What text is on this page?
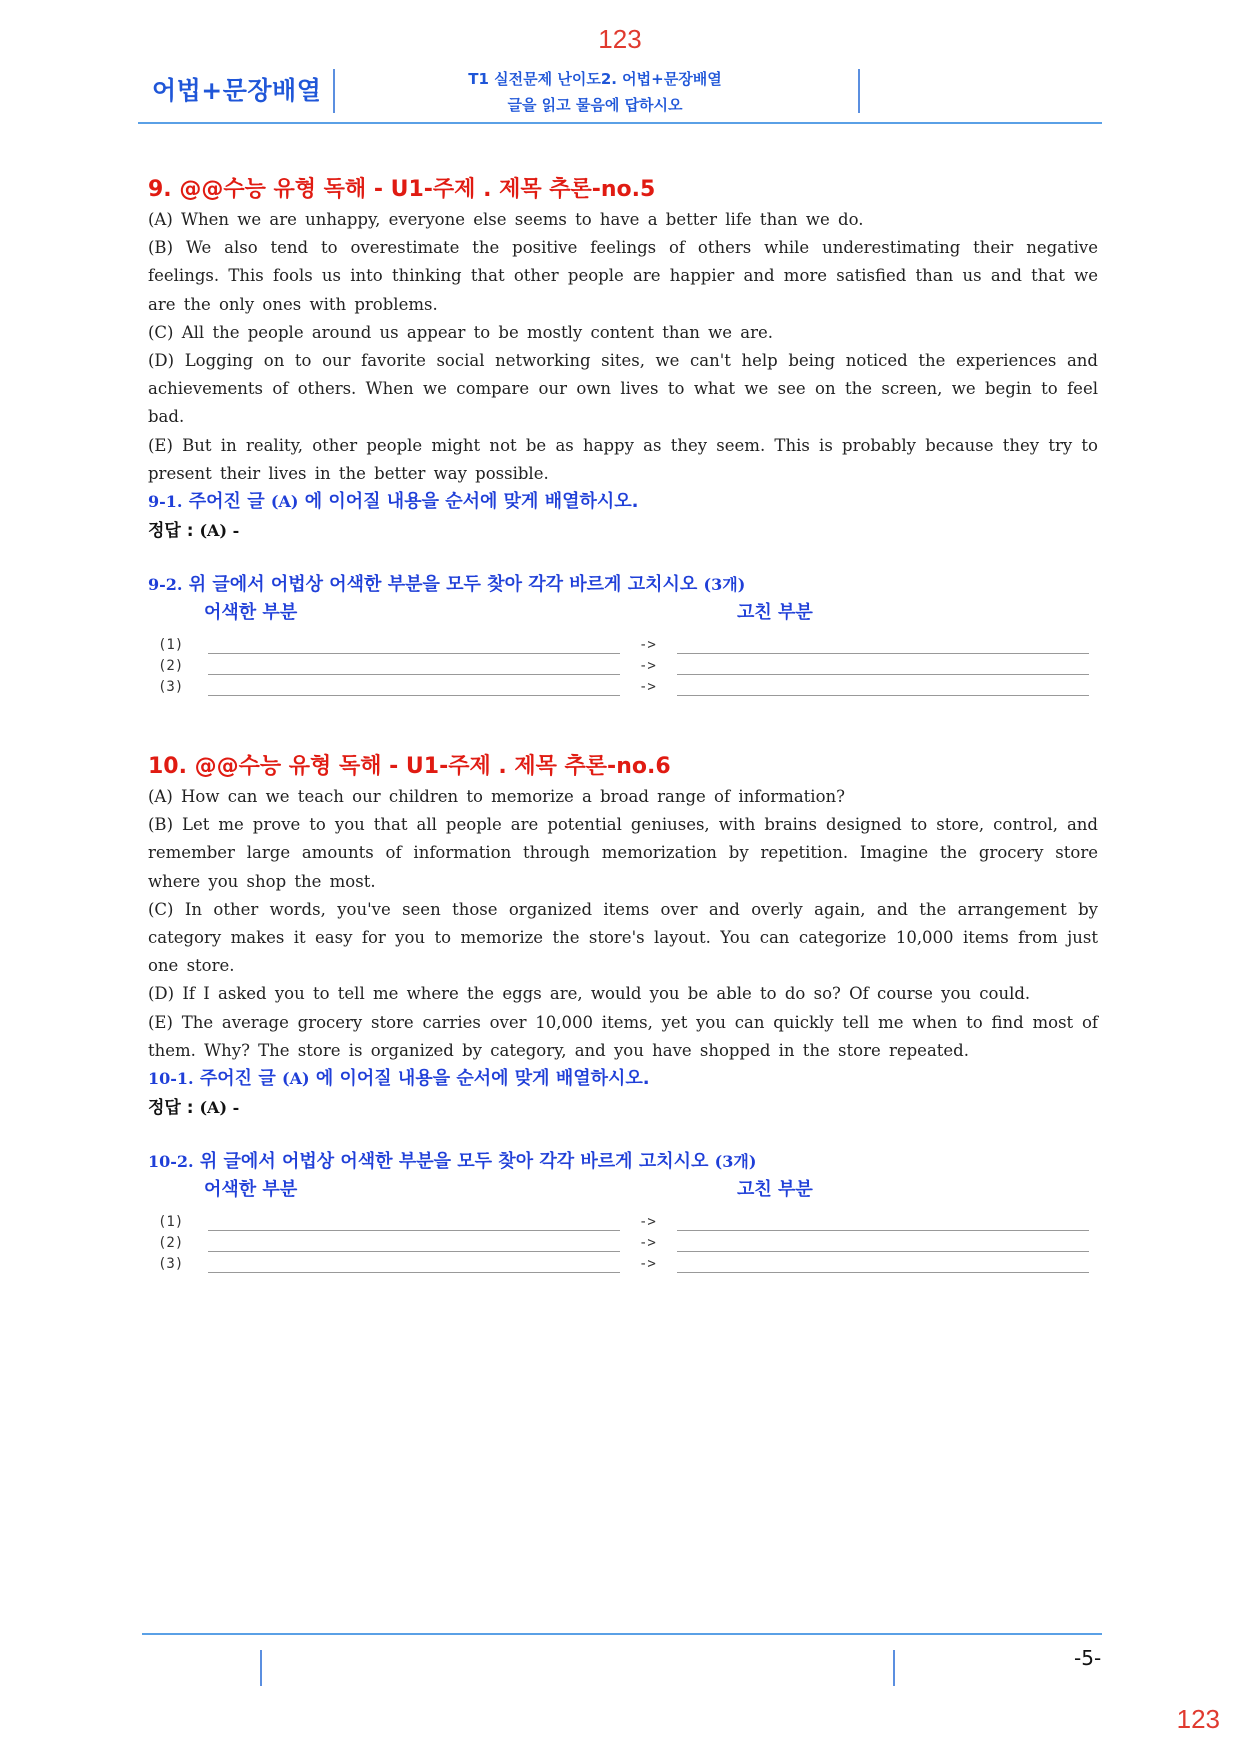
123
어법+문장배열	T1 실전문제 난이도2. 어법+문장배열
글을 읽고 물음에 답하시오
9. @@수능 유형 독해 - U1-주제 . 제목 추론-no.5

(A) When we are unhappy, everyone else seems to have a better life than we do.

(B) We also tend to overestimate the positive feelings of others while underestimating their negative feelings. This fools us into thinking that other people are happier and more satisfied than us and that we are the only ones with problems.

(C) All the people around us appear to be mostly content than we are.

(D) Logging on to our favorite social networking sites, we can't help being noticed the experiences and achievements of others. When we compare our own lives to what we see on the screen, we begin to feel bad.

(E) But in reality, other people might not be as happy as they seem. This is probably because they try to present their lives in the better way possible.

9-1. 주어진 글 (A) 에 이어질 내용을 순서에 맞게 배열하시오.
정답 : (A) -
9-2. 위 글에서 어법상 어색한 부분을 모두 찾아 각각 바르게 고치시오 (3개)
어색한 부분	고친 부분
(1)	->
(2)	->
(3)	->
10. @@수능 유형 독해 - U1-주제 . 제목 추론-no.6

(A) How can we teach our children to memorize a broad range of information?

(B) Let me prove to you that all people are potential geniuses, with brains designed to store, control, and remember large amounts of information through memorization by repetition. Imagine the grocery store where you shop the most.

(C) In other words, you've seen those organized items over and overly again, and the arrangement by category makes it easy for you to memorize the store's layout. You can categorize 10,000 items from just one store.

(D) If I asked you to tell me where the eggs are, would you be able to do so? Of course you could.

(E) The average grocery store carries over 10,000 items, yet you can quickly tell me when to find most of them. Why? The store is organized by category, and you have shopped in the store repeated.

10-1. 주어진 글 (A) 에 이어질 내용을 순서에 맞게 배열하시오.
정답 : (A) -
10-2. 위 글에서 어법상 어색한 부분을 모두 찾아 각각 바르게 고치시오 (3개)
어색한 부분	고친 부분
(1)	->
(2)	->
(3)	->
-5-
123
